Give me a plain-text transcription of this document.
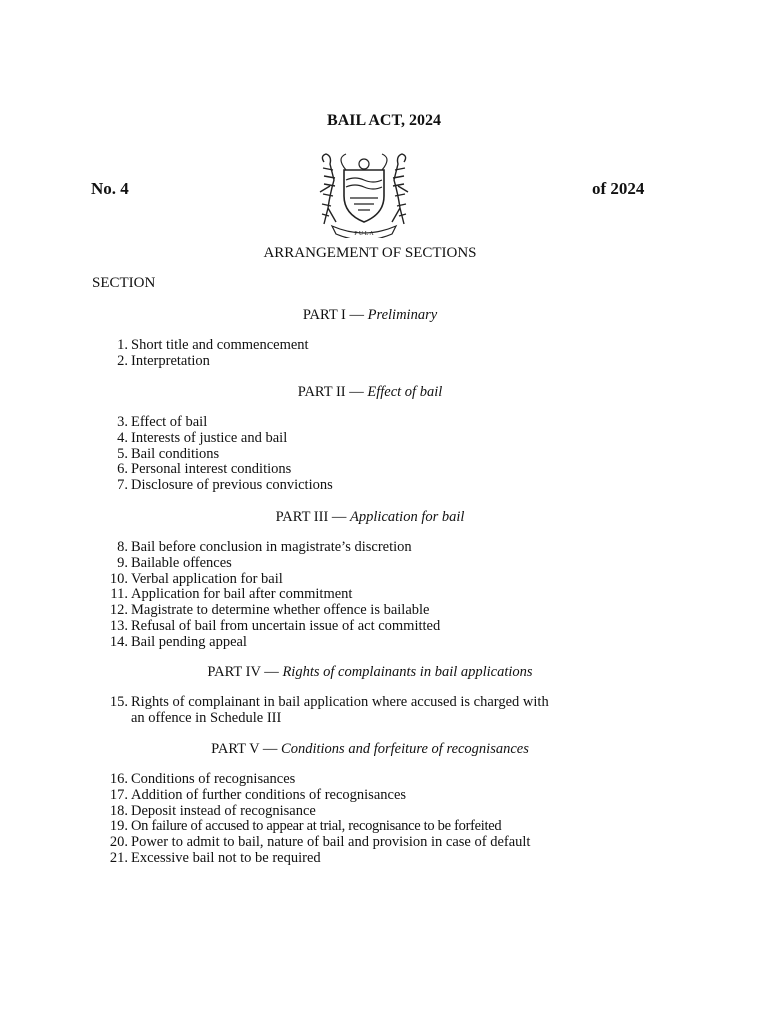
BAIL ACT, 2024
No. 4	of 2024
P U L A
ARRANGEMENT OF SECTIONS
SECTION
PART I — Preliminary
1. Short title and commencement
2. Interpretation
PART II — Effect of bail
3. Effect of bail
4. Interests of justice and bail
5. Bail conditions
6. Personal interest conditions
7. Disclosure of previous convictions
PART III — Application for bail
8. Bail before conclusion in magistrate’s discretion
9. Bailable offences
10. Verbal application for bail
11. Application for bail after commitment
12. Magistrate to determine whether offence is bailable
13. Refusal of bail from uncertain issue of act committed
14. Bail pending appeal
PART IV — Rights of complainants in bail applications
15. Rights of complainant in bail application where accused is charged with an offence in Schedule III
PART V — Conditions and forfeiture of recognisances
16. Conditions of recognisances
17. Addition of further conditions of recognisances
18. Deposit instead of recognisance
19. On failure of accused to appear at trial, recognisance to be forfeited
20. Power to admit to bail, nature of bail and provision in case of default
21. Excessive bail not to be required
